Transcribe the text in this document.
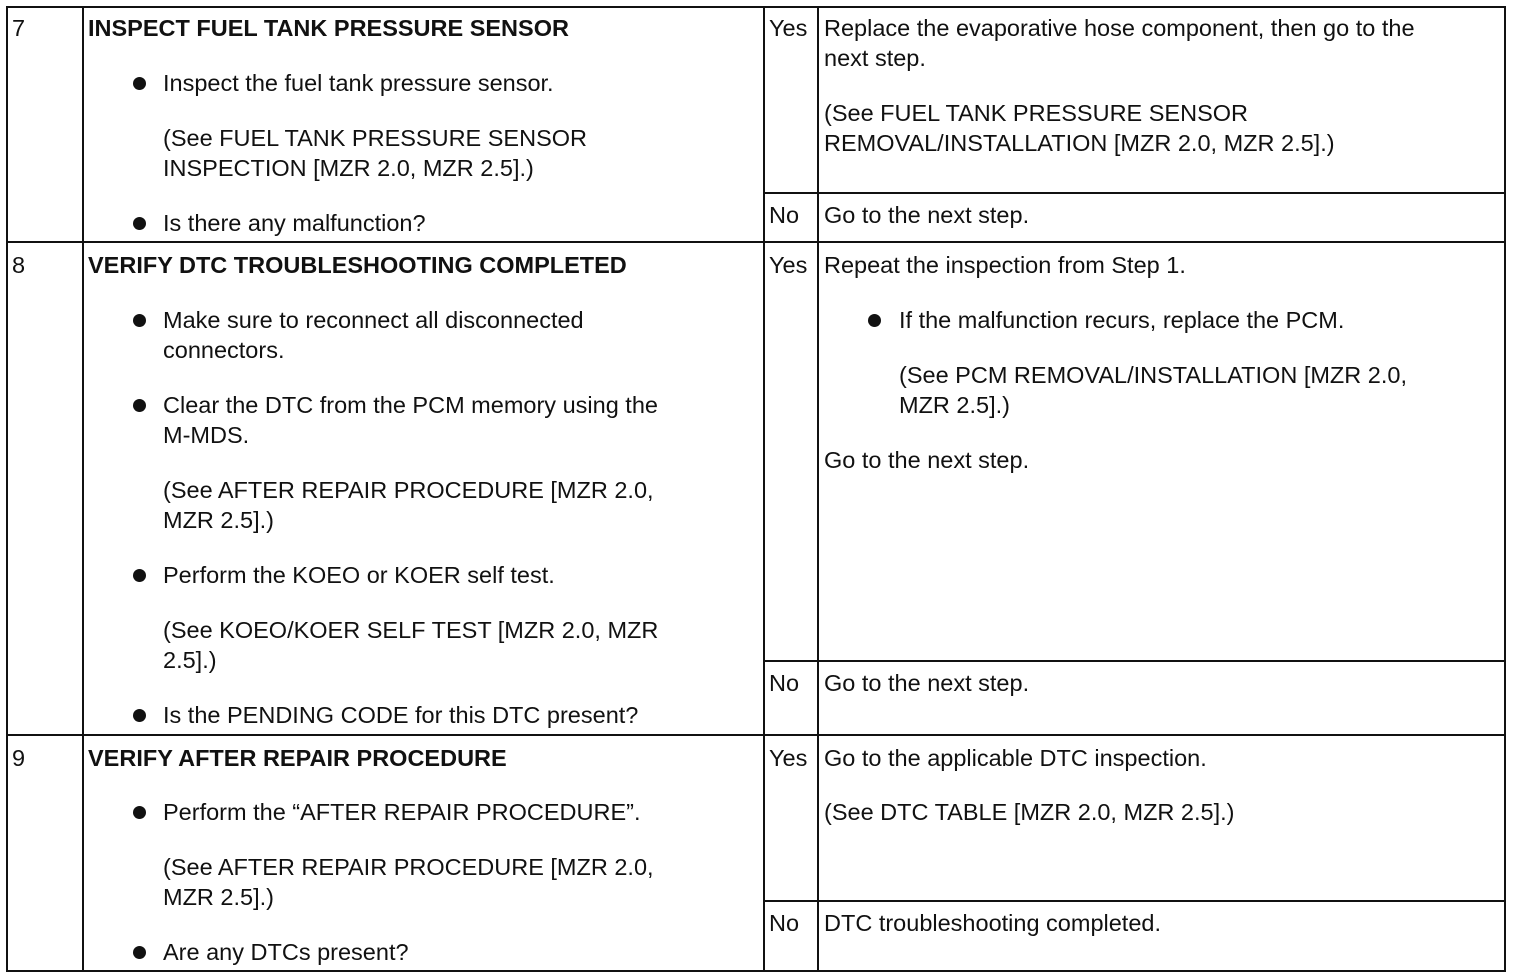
7	INSPECT FUEL TANK PRESSURE SENSOR
Inspect the fuel tank pressure sensor.
(See FUEL TANK PRESSURE SENSOR
INSPECTION [MZR 2.0, MZR 2.5].)
Is there any malfunction?
Yes Replace the evaporative hose component, then go to the
next step.
(See FUEL TANK PRESSURE SENSOR
REMOVAL/INSTALLATION [MZR 2.0, MZR 2.5].)
No Go to the next step.
8	VERIFY DTC TROUBLESHOOTING COMPLETED
Make sure to reconnect all disconnected
connectors.
Clear the DTC from the PCM memory using the
M-MDS.
(See AFTER REPAIR PROCEDURE [MZR 2.0,
MZR 2.5].)
Perform the KOEO or KOER self test.
(See KOEO/KOER SELF TEST [MZR 2.0, MZR
2.5].)
Is the PENDING CODE for this DTC present?
Yes Repeat the inspection from Step 1.
If the malfunction recurs, replace the PCM.
(See PCM REMOVAL/INSTALLATION [MZR 2.0,
MZR 2.5].)
Go to the next step.
No Go to the next step.
9	VERIFY AFTER REPAIR PROCEDURE
Perform the “AFTER REPAIR PROCEDURE”.
(See AFTER REPAIR PROCEDURE [MZR 2.0,
MZR 2.5].)
Are any DTCs present?
Yes Go to the applicable DTC inspection.
(See DTC TABLE [MZR 2.0, MZR 2.5].)
No DTC troubleshooting completed.
